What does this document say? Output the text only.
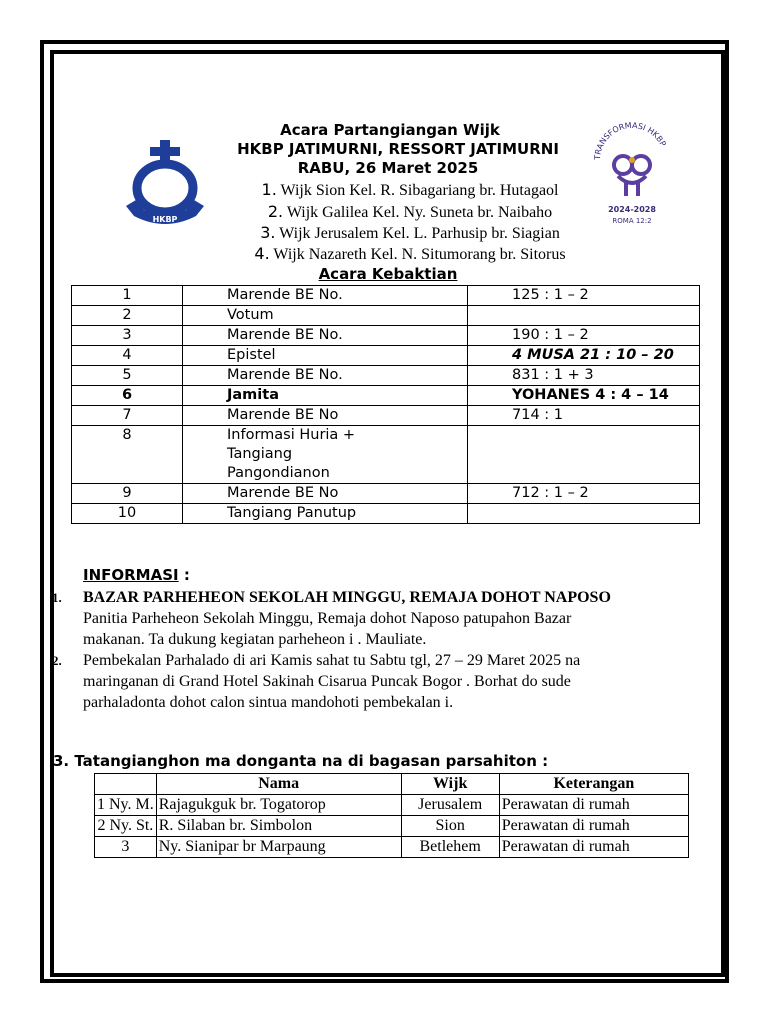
HKBP
TRANSFORMASI HKBP
2024-2028
ROMA 12:2
Acara Partangiangan Wijk
HKBP JATIMURNI, RESSORT JATIMURNI
RABU, 26 Maret 2025
1. Wijk Sion Kel. R. Sibagariang br. Hutagaol
2. Wijk Galilea Kel. Ny. Suneta br. Naibaho
3. Wijk Jerusalem Kel. L. Parhusip br. Siagian
4. Wijk Nazareth Kel. N. Situmorang br. Sitorus
Acara Kebaktian
1	Marende BE No.	125 : 1 – 2
2	Votum	
3	Marende BE No.	190 : 1 – 2
4	Epistel	4 MUSA 21 : 10 – 20
5	Marende BE No.	831 : 1 + 3
6	Jamita	YOHANES 4 : 4 – 14
7	Marende BE No	714 : 1
8	Informasi Huria +
Tangiang
Pangondianon	

9	Marende BE No	712 : 1 – 2
10	Tangiang Panutup	
INFORMASI :
1. BAZAR PARHEHEON SEKOLAH MINGGU, REMAJA DOHOT NAPOSO
Panitia Parheheon Sekolah Minggu, Remaja dohot Naposo patupahon Bazar
makanan. Ta dukung kegiatan parheheon i . Mauliate.
2. Pembekalan Parhalado di ari Kamis sahat tu Sabtu tgl, 27 – 29 Maret 2025 na
maringanan di Grand Hotel Sakinah Cisarua Puncak Bogor . Borhat do sude
parhaladonta dohot calon sintua mandohoti pembekalan i.
3. Tatangianghon ma donganta na di bagasan parsahiton :
	Nama	Wijk	Keterangan
1 Ny. M.	Rajagukguk br. Togatorop	Jerusalem	Perawatan di rumah
2 Ny. St.	R. Silaban br. Simbolon	Sion	Perawatan di rumah
3	Ny. Sianipar br Marpaung	Betlehem	Perawatan di rumah
